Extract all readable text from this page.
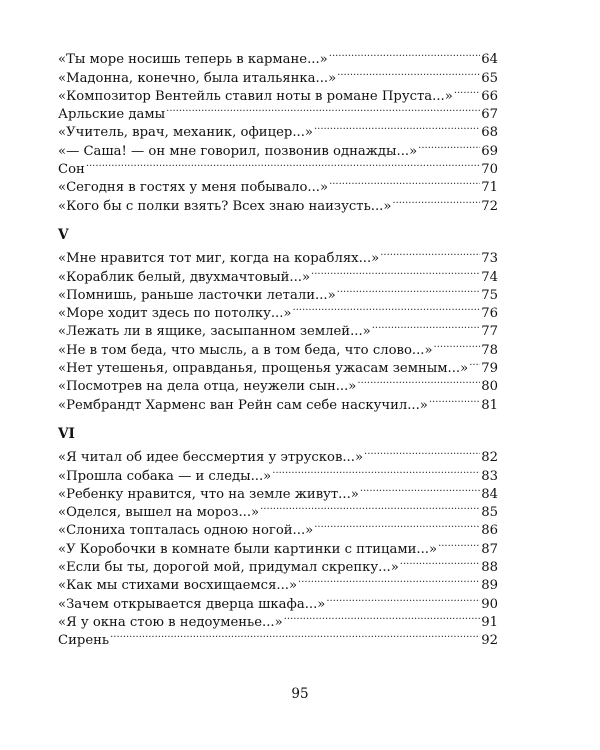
«Ты море носишь теперь в кармане...» .....	64
«Мадонна, конечно, была итальянка...» .....	65
«Композитор Вентейль ставил ноты в романе Пруста...» ..... 66
Арльские дамы .....	67
«Учитель, врач, механик, офицер...» .....	68
«— Саша! — он мне говорил, позвонив однажды...» .....	69
Сон .....	70
«Сегодня в гостях у меня побывало...» .....	71
«Кого бы с полки взять? Всех знаю наизусть...» .....	72
V
«Мне нравится тот миг, когда на кораблях...» .....	73
«Кораблик белый, двухмачтовый...» .....	74
«Помнишь, раньше ласточки летали...» .....	75
«Море ходит здесь по потолку...» .....	76
«Лежать ли в ящике, засыпанном землей...» .....	77
«Не в том беда, что мысль, а в том беда, что слово...» .....	78
«Нет утешенья, оправданья, прощенья ужасам земным...» ..... 79
«Посмотрев на дела отца, неужели сын...» .....	80
«Рембрандт Харменс ван Рейн сам себе наскучил...» .....	81
VI
«Я читал об идее бессмертия у этрусков...» .....	82
«Прошла собака — и следы...» .....	83
«Ребенку нравится, что на земле живут...» .....	84
«Оделся, вышел на мороз...» .....	85
«Слониха топталась одною ногой...» .....	86
«У Коробочки в комнате были картинки с птицами...» .....	87
«Если бы ты, дорогой мой, придумал скрепку...» .....	88
«Как мы стихами восхищаемся...» .....	89
«Зачем открывается дверца шкафа...» .....	90
«Я у окна стою в недоуменье...» .....	91
Сирень .....	92
95
